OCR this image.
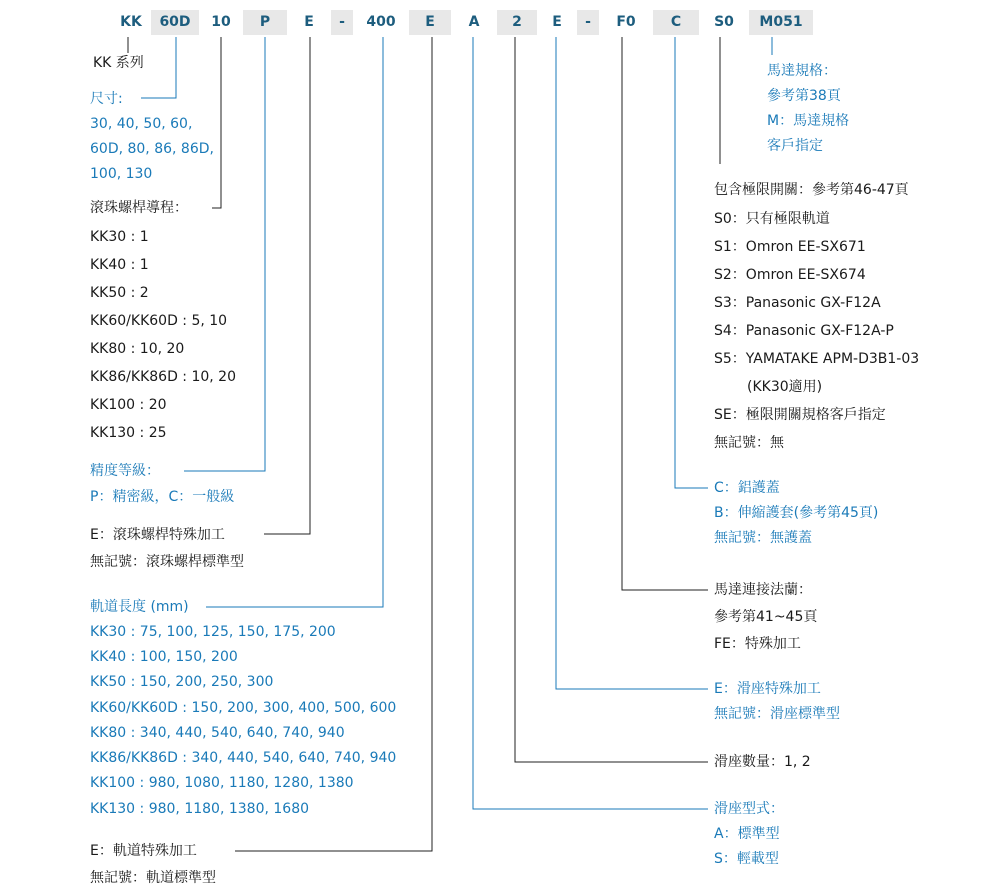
KK	60D	10	P	E	-	400	E	A	2	E	-	F0	C	S0	M051
KK 系列
尺寸:
30, 40, 50, 60,
60D, 80, 86, 86D,
100, 130
滾珠螺桿導程：
KK30 : 1
KK40 : 1
KK50 : 2
KK60/KK60D : 5, 10
KK80 : 10, 20
KK86/KK86D : 10, 20
KK100 : 20
KK130 : 25
精度等級：
P：精密級，C：一般級
E：滾珠螺桿特殊加工
無記號：滾珠螺桿標準型
軌道長度 (mm)
KK30 : 75, 100, 125, 150, 175, 200
KK40 : 100, 150, 200
KK50 : 150, 200, 250, 300
KK60/KK60D : 150, 200, 300, 400, 500, 600
KK80 : 340, 440, 540, 640, 740, 940
KK86/KK86D : 340, 440, 540, 640, 740, 940
KK100 : 980, 1080, 1180, 1280, 1380
KK130 : 980, 1180, 1380, 1680
E：軌道特殊加工
無記號：軌道標準型
馬達規格：
參考第38頁
M：馬達規格
客戶指定
包含極限開關：參考第46-47頁
S0：只有極限軌道
S1：Omron EE-SX671
S2：Omron EE-SX674
S3：Panasonic GX-F12A
S4：Panasonic GX-F12A-P
S5：YAMATAKE APM-D3B1-03
(KK30適用)
SE：極限開關規格客戶指定
無記號：無
C：鋁護蓋
B：伸縮護套(參考第45頁)
無記號：無護蓋
馬達連接法蘭：
參考第41~45頁
FE：特殊加工
E：滑座特殊加工
無記號：滑座標準型
滑座數量：1, 2
滑座型式：
A：標準型
S：輕載型
